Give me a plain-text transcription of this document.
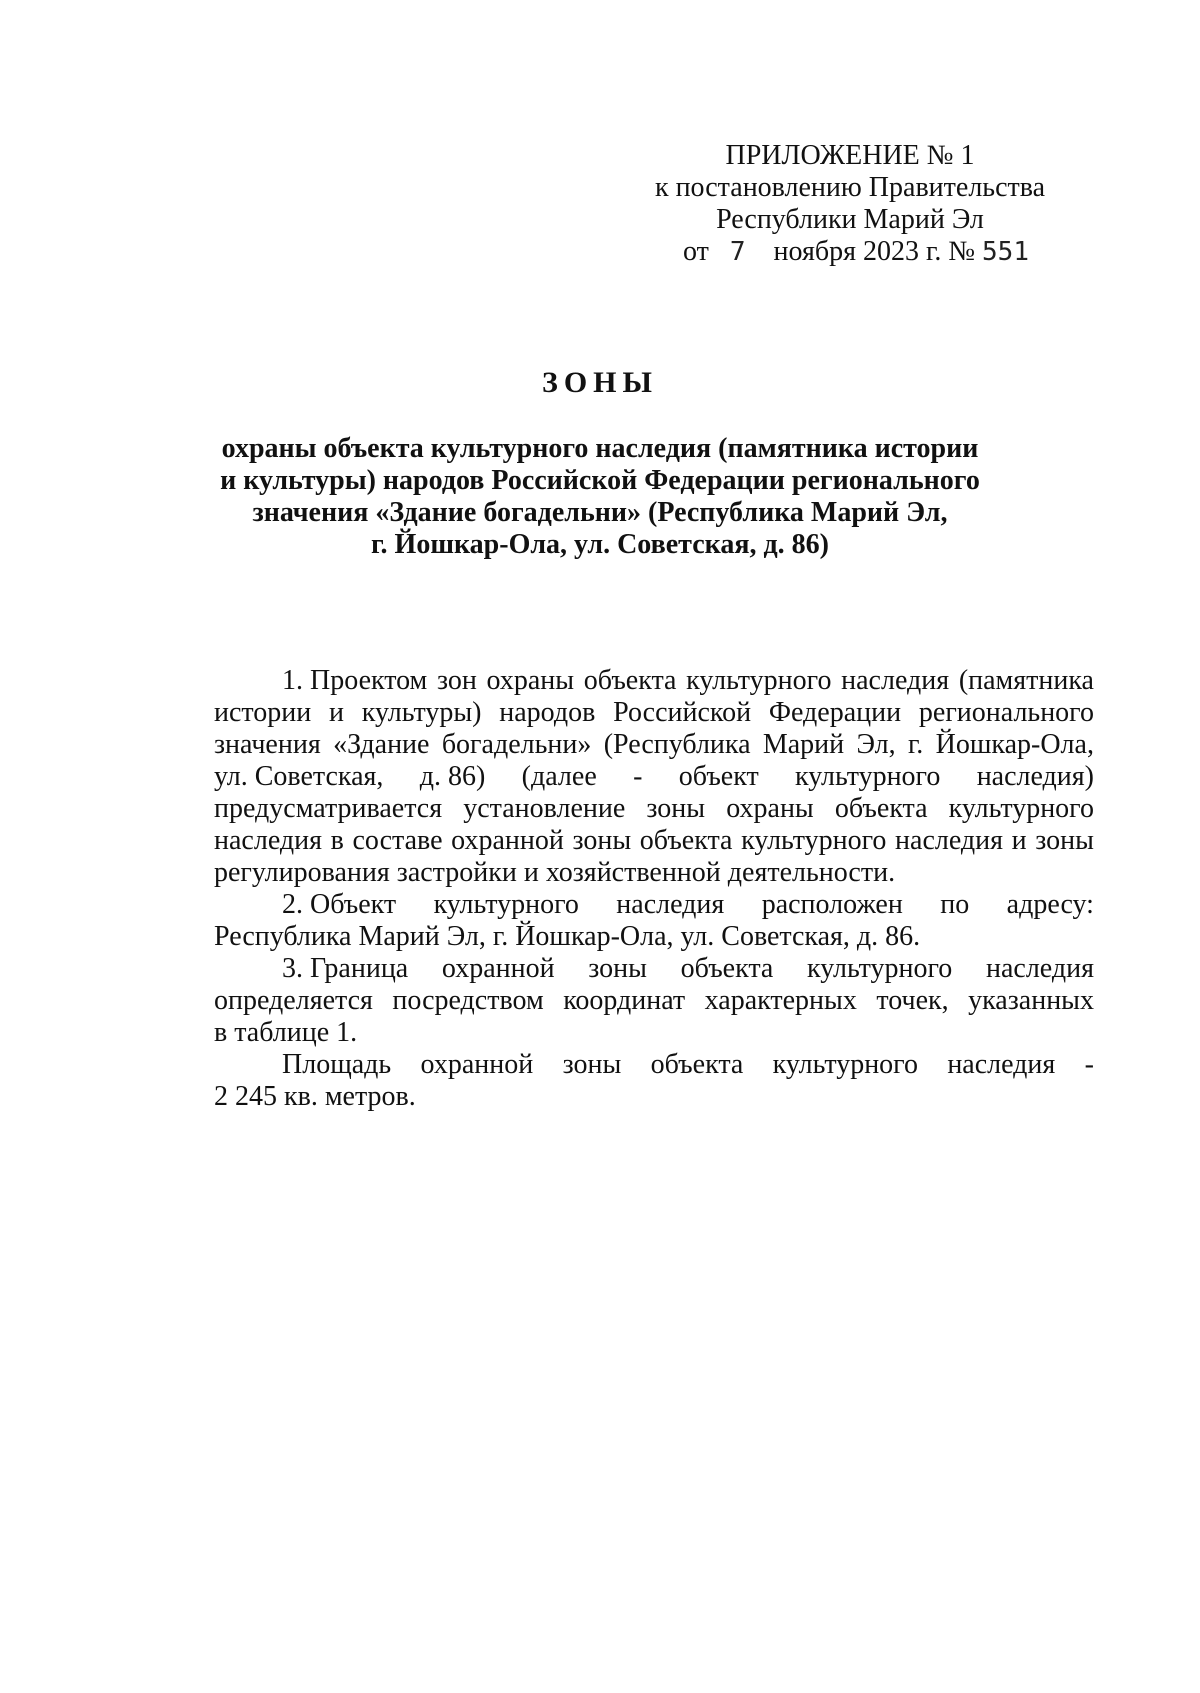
ПРИЛОЖЕНИЕ № 1
к постановлению Правительства
Республики Марий Эл
от 7 ноября 2023 г. № 551
ЗОНЫ
охраны объекта культурного наследия (памятника истории
и культуры) народов Российской Федерации регионального
значения «Здание богадельни» (Республика Марий Эл,
г. Йошкар-Ола, ул. Советская, д. 86)
1. Проектом зон охраны объекта культурного наследия (памятника
истории и культуры) народов Российской Федерации регионального
значения «Здание богадельни» (Республика Марий Эл, г. Йошкар-Ола,
ул. Советская, д. 86) (далее - объект культурного наследия)
предусматривается установление зоны охраны объекта культурного
наследия в составе охранной зоны объекта культурного наследия и зоны
регулирования застройки и хозяйственной деятельности.
2. Объект культурного наследия расположен по адресу:
Республика Марий Эл, г. Йошкар-Ола, ул. Советская, д. 86.
3. Граница охранной зоны объекта культурного наследия
определяется посредством координат характерных точек, указанных
в таблице 1.
Площадь охранной зоны объекта культурного наследия -
2 245 кв. метров.
